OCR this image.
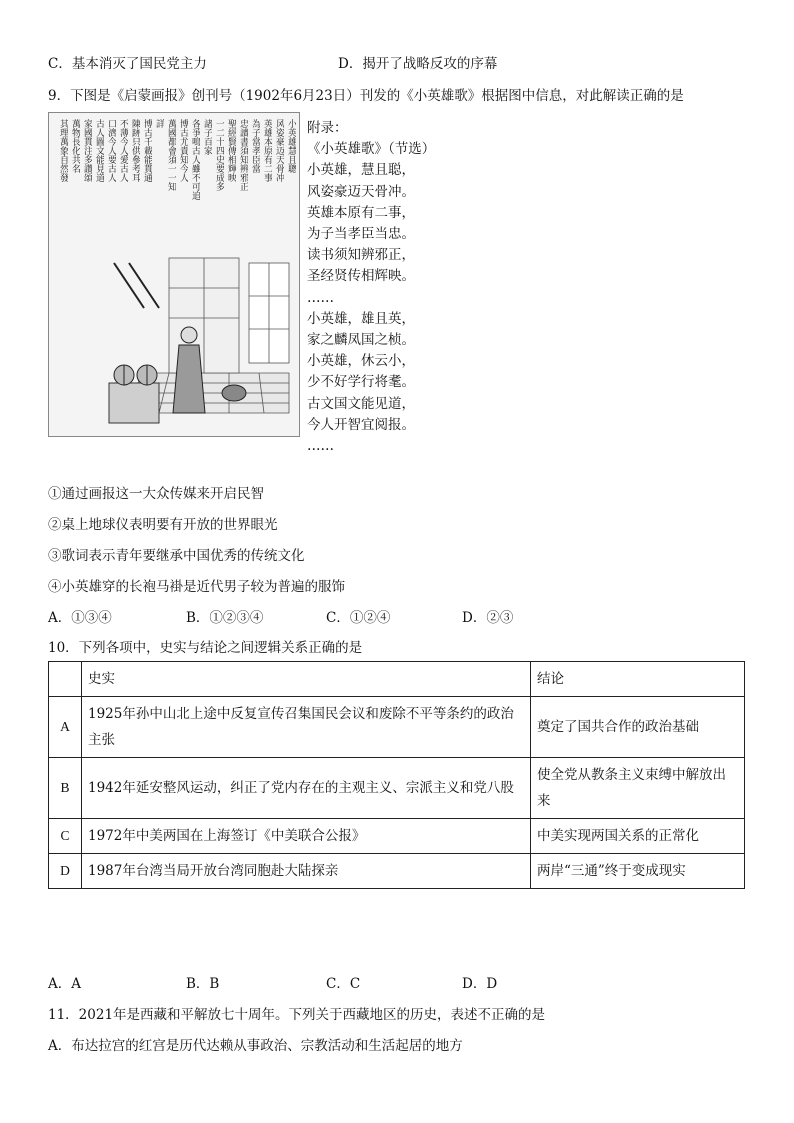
C．基本消灭了国民党主力	D．揭开了战略反攻的序幕
9．下图是《启蒙画报》创刊号（1902年6月23日）刊发的《小英雄歌》根据图中信息，对此解读正确的是
小英雄慧且聰
风姿豪迈天骨冲
英雄本原有二事
為子當孝臣當
忠讀書須知辨邪正
聖經賢傳相輝映
一二十四史要成多
諸子百家
各爭鳴古人雖不可追
博古尤貴知今人
萬國都會須一一知
詳
博古千載能貫通
陳跡只供參考耳
不薄今人愛古人
口濟今人要古人
古人圖文能見道
家國貫注多讚頌
萬物長化共名
其理萬象自然發	附录：
《小英雄歌》（节选）
小英雄，慧且聪，
风姿豪迈天骨冲。
英雄本原有二事，
为子当孝臣当忠。
读书须知辨邪正，
圣经贤传相辉映。
……
小英雄，雄且英，
家之麟凤国之桢。
小英雄，休云小，
少不好学行将耄。
古文国文能见道，
今人开智宜阅报。
……
①通过画报这一大众传媒来开启民智
②桌上地球仪表明要有开放的世界眼光
③歌词表示青年要继承中国优秀的传统文化
④小英雄穿的长袍马褂是近代男子较为普遍的服饰
A．①③④	B．①②③④	C．①②④	D．②③
10．下列各项中，史实与结论之间逻辑关系正确的是
	史实	结论
A	1925年孙中山北上途中反复宣传召集国民会议和废除不平等条约的政治主张	奠定了国共合作的政治基础
B	1942年延安整风运动，纠正了党内存在的主观主义、宗派主义和党八股	使全党从教条主义束缚中解放出来
C	1972年中美两国在上海签订《中美联合公报》	中美实现两国关系的正常化
D	1987年台湾当局开放台湾同胞赴大陆探亲	两岸“三通”终于变成现实
A．A	B．B	C．C	D．D
11．2021年是西藏和平解放七十周年。下列关于西藏地区的历史，表述不正确的是
A．布达拉宫的红宫是历代达赖从事政治、宗教活动和生活起居的地方
